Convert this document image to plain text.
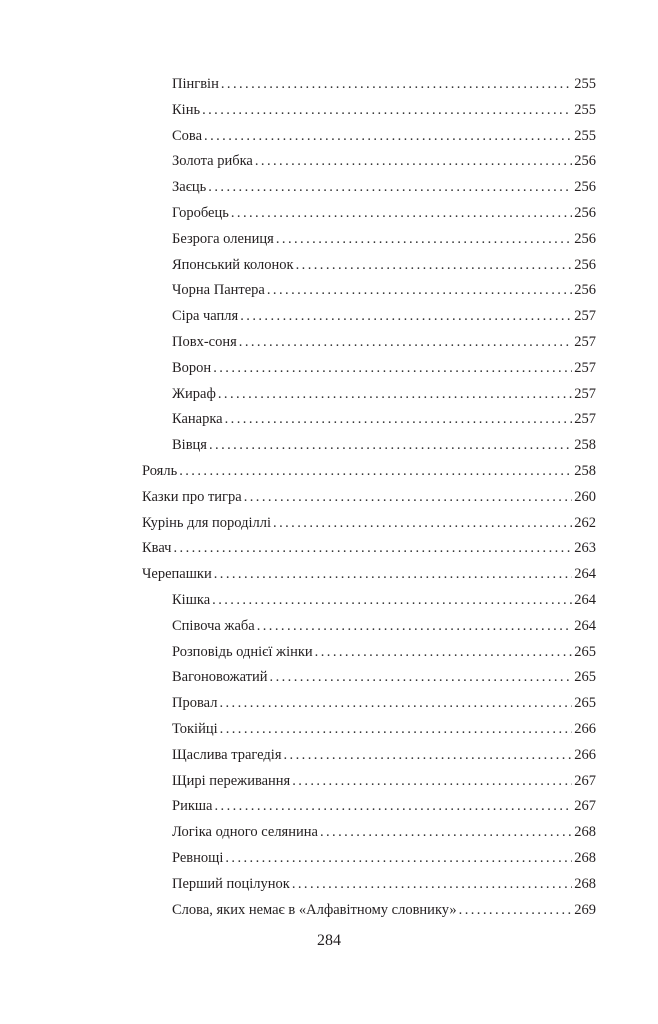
Пінгвін . . .	255
Кінь . . .	255
Сова . . .	255
Золота рибка . . .	256
Заєць . . .	256
Горобець . . .	256
Безрога олениця . . .	256
Японський колонок . . .	256
Чорна Пантера . . .	256
Сіра чапля . . .	257
Повх-соня . . .	257
Ворон . . .	257
Жираф . . .	257
Канарка . . .	257
Вівця . . .	258
Рояль . . .	258
Казки про тигра . . .	260
Курінь для породіллі . . .	262
Квач . . .	263
Черепашки . . .	264
Кішка . . .	264
Співоча жаба . . .	264
Розповідь однієї жінки . . .	265
Вагоновожатий . . .	265
Провал . . .	265
Токійці . . .	266
Щаслива трагедія . . .	266
Щирі переживання . . .	267
Рикша . . .	267
Логіка одного селянина . . .	268
Ревнощі . . .	268
Перший поцілунок . . .	268
Слова, яких немає в «Алфавітному словнику» . . .	269
284
